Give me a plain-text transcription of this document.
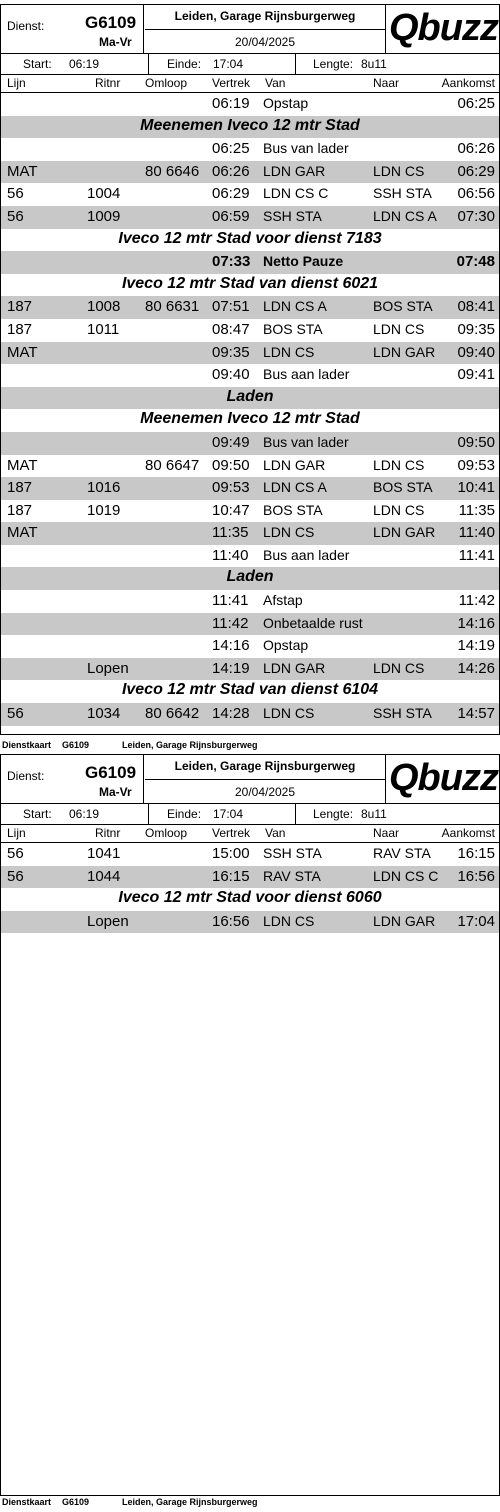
Dienst: G6109
Ma-Vr
Leiden, Garage Rijnsburgerweg
20/04/2025	Qbuzz
Start: 06:19	Einde: 17:04	Lengte: 8u11
Lijn	Ritnr Omloop Vertrek Van	Naar	Aankomst
06:19 Opstap	06:25
Meenemen Iveco 12 mtr Stad
06:25 Bus van lader	06:26
MAT	80 6646 06:26 LDN GAR	LDN CS 06:29
56	1004	06:29 LDN CS C	SSH STA 06:56
56	1009	06:59 SSH STA	LDN CS A 07:30
Iveco 12 mtr Stad voor dienst 7183
07:33 Netto Pauze	07:48
Iveco 12 mtr Stad van dienst 6021
187	1008 80 6631 07:51 LDN CS A	BOS STA 08:41
187	1011	08:47 BOS STA	LDN CS 09:35
MAT	09:35 LDN CS	LDN GAR 09:40
09:40 Bus aan lader	09:41
Laden
Meenemen Iveco 12 mtr Stad
09:49 Bus van lader	09:50
MAT	80 6647 09:50 LDN GAR	LDN CS 09:53
187	1016	09:53 LDN CS A	BOS STA 10:41
187	1019	10:47 BOS STA	LDN CS 11:35
MAT	11:35 LDN CS	LDN GAR 11:40
11:40 Bus aan lader	11:41
Laden
11:41 Afstap	11:42
11:42 Onbetaalde rust	14:16
14:16 Opstap	14:19
Lopen	14:19 LDN GAR	LDN CS 14:26
Iveco 12 mtr Stad van dienst 6104
56	1034 80 6642 14:28 LDN CS	SSH STA 14:57
Dienstkaart G6109	Leiden, Garage Rijnsburgerweg
Dienst: G6109
Ma-Vr
Leiden, Garage Rijnsburgerweg
20/04/2025	Qbuzz
Start: 06:19	Einde: 17:04	Lengte: 8u11
Lijn	Ritnr Omloop Vertrek Van	Naar	Aankomst
56	1041	15:00 SSH STA	RAV STA 16:15
56	1044	16:15 RAV STA	LDN CS C 16:56
Iveco 12 mtr Stad voor dienst 6060
Lopen	16:56 LDN CS	LDN GAR 17:04
Dienstkaart G6109	Leiden, Garage Rijnsburgerweg
